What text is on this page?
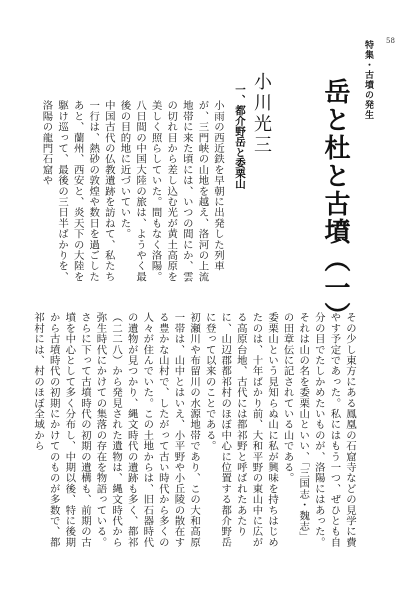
58
特集・古墳の発生
岳と杜と古墳（一）
小川光三
一、都介野岳と委栗山

小雨の西近鉄を早朝に出発した列車が、三門峡の山地を越え、洛河の上流地帯に来た頃には、いつの間にか、雲の切れ目から差し込む光が黄土高原を美しく照らしていた。間もなく洛陽。八日間の中国大陸の旅は、ようやく最後の目的地に近づいていた。

中国古代の仏教遺跡を訪ねて、私たち一行は、熱砂の敦煌や数日を過ごしたあと、蘭州、西安と、炎天下の大陸を駆け巡って、最後の三日半ばかりを、洛陽の龍門石窟や

その少し東方にある鳳凰の石窟寺などの見学に費やす予定であった。私にはもう一つ、ぜひとも自分の目でたしかめたいものが、洛陽にはあった。それは山の名を委栗山といい、「三国志・魏志」の田章伝に記されている山である。

委栗山という見知らぬ山に私が興味を持ちはじめたのは、十年ばかり前、大和平野の東山中に広がる高原台地、古代には都祁野と呼ばれたあたりに、山辺郡都祁村のほぼ中心に位置する都介野岳に登って以来のことである。

初瀬川や布留川の水源地帯であり、この大和高原一帯は、山中とはいえ、小平野や小丘陵の散在する豊かな山村で、したがって古い時代から多くの人々が住んでいた。この土地からは、旧石器時代の遺物が見つかり、縄文時代の遺跡も多く、都祁（二二八）から発見された遺物は、縄文時代から弥生時代にかけての集落の存在を物語っている。

さらに下って古墳時代の初期の遺構も、前期の古墳を中心として多く分布し、中期以後、特に後期から古墳時代の初期にかけてのものが多数で、都祁村には、村のほぼ全域から
